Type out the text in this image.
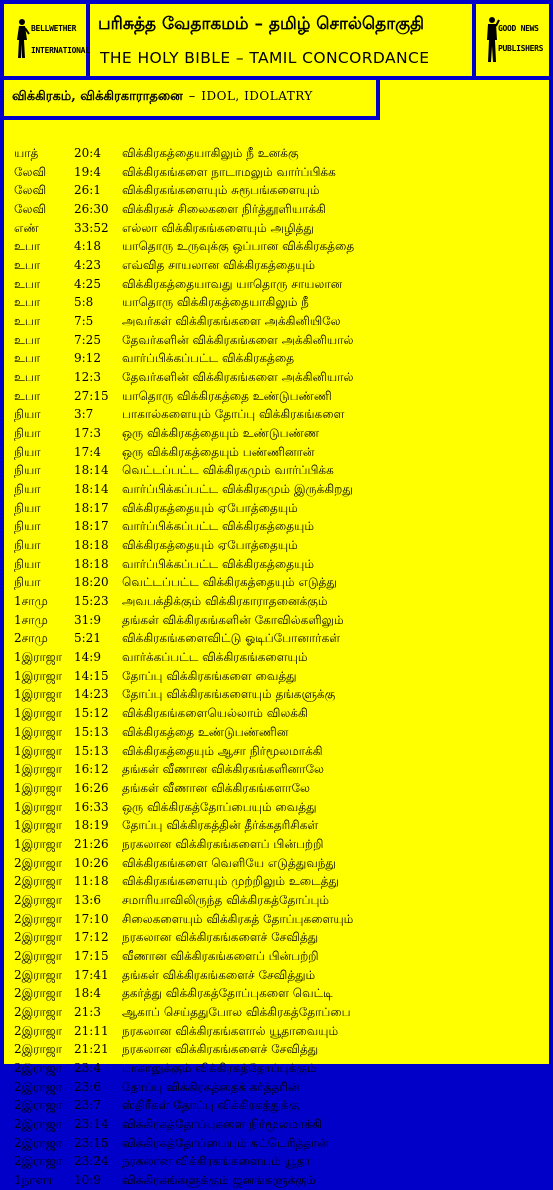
BELLWETHER
INTERNATIONAL
பரிசுத்த வேதாகமம் – தமிழ் சொல்தொகுதி
THE HOLY BIBLE – TAMIL CONCORDANCE
GOOD NEWS
PUBLISHERS
விக்கிரகம், விக்கிரகாராதனை – IDOL, IDOLATRY
யாத்	20:4	விக்கிரகத்தையாகிலும் நீ உனக்கு
லேவி	19:4	விக்கிரகங்களை நாடாமலும் வார்ப்பிக்க
லேவி	26:1	விக்கிரகங்களையும் சுரூபங்களையும்
லேவி	26:30	விக்கிரகச் சிலைகளை நிர்த்தூளியாக்கி
எண்	33:52	எல்லா விக்கிரகங்களையும் அழித்து
உபா	4:18	யாதொரு உருவுக்கு ஒப்பான விக்கிரகத்தை
உபா	4:23	எவ்வித சாயலான விக்கிரகத்தையும்
உபா	4:25	விக்கிரகத்தையாவது யாதொரு சாயலான
உபா	5:8	யாதொரு விக்கிரகத்தையாகிலும் நீ
உபா	7:5	அவர்கள் விக்கிரகங்களை அக்கினியிலே
உபா	7:25	தேவர்களின் விக்கிரகங்களை அக்கினியால்
உபா	9:12	வார்ப்பிக்கப்பட்ட விக்கிரகத்தை
உபா	12:3	தேவர்களின் விக்கிரகங்களை அக்கினியால்
உபா	27:15	யாதொரு விக்கிரகத்தை உண்டுபண்ணி
நியா	3:7	பாகால்களையும் தோப்பு விக்கிரகங்களை
நியா	17:3	ஒரு விக்கிரகத்தையும் உண்டுபண்ண
நியா	17:4	ஒரு விக்கிரகத்தையும் பண்ணினான்
நியா	18:14	வெட்டப்பட்ட விக்கிரகமும் வார்ப்பிக்க
நியா	18:14	வார்ப்பிக்கப்பட்ட விக்கிரகமும் இருக்கிறது
நியா	18:17	விக்கிரகத்தையும் ஏபோத்தையும்
நியா	18:17	வார்ப்பிக்கப்பட்ட விக்கிரகத்தையும்
நியா	18:18	விக்கிரகத்தையும் ஏபோத்தையும்
நியா	18:18	வார்ப்பிக்கப்பட்ட விக்கிரகத்தையும்
நியா	18:20	வெட்டப்பட்ட விக்கிரகத்தையும் எடுத்து
1சாமு	15:23	அவபக்திக்கும் விக்கிரகாராதனைக்கும்
1சாமு	31:9	தங்கள் விக்கிரகங்களின் கோவில்களிலும்
2சாமு	5:21	விக்கிரகங்களைவிட்டு ஓடிப்போனார்கள்
1இராஜா 14:9	வார்க்கப்பட்ட விக்கிரகங்களையும்
1இராஜா 14:15	தோப்பு விக்கிரகங்களை வைத்து
1இராஜா 14:23	தோப்பு விக்கிரகங்களையும் தங்களுக்கு
1இராஜா 15:12	விக்கிரகங்களையெல்லாம் விலக்கி
1இராஜா 15:13	விக்கிரகத்தை உண்டுபண்ணின
1இராஜா 15:13	விக்கிரகத்தையும் ஆசா நிர்மூலமாக்கி
1இராஜா 16:12	தங்கள் வீணான விக்கிரகங்களினாலே
1இராஜா 16:26	தங்கள் வீணான விக்கிரகங்களாலே
1இராஜா 16:33	ஒரு விக்கிரகத்தோப்பையும் வைத்து
1இராஜா 18:19	தோப்பு விக்கிரகத்தின் தீர்க்கதரிசிகள்
1இராஜா 21:26	நரகலான விக்கிரகங்களைப் பின்பற்றி
2இராஜா 10:26	விக்கிரகங்களை வெளியே எடுத்துவந்து
2இராஜா 11:18	விக்கிரகங்களையும் முற்றிலும் உடைத்து
2இராஜா 13:6	சமாரியாவிலிருந்த விக்கிரகத்தோப்பும்
2இராஜா 17:10	சிலைகளையும் விக்கிரகத் தோப்புகளையும்
2இராஜா 17:12	நரகலான விக்கிரகங்களைச் சேவித்து
2இராஜா 17:15	வீணான விக்கிரகங்களைப் பின்பற்றி
2இராஜா 17:41	தங்கள் விக்கிரகங்களைச் சேவித்தும்
2இராஜா 18:4	தகர்த்து விக்கிரகத்தோப்புகளை வெட்டி
2இராஜா 21:3	ஆகாப் செய்ததுபோல விக்கிரகத்தோப்பை
2இராஜா 21:11	நரகலான விக்கிரகங்களால் யூதாவையும்
2இராஜா 21:21	நரகலான விக்கிரகங்களைச் சேவித்து
2இராஜா 23:4	பாகாலுக்கும் விக்கிரகத்தோப்புக்கும்
2இராஜா 23:6	தோப்பு விக்கிரகத்தைக் கர்த்தரின்
2இராஜா 23:7	ஸ்திரீகள் தோப்பு விக்கிரகத்துக்கு
2இராஜா 23:14	விக்கிரகத்தோப்புகளை நிர்மூலமாக்கி
2இராஜா 23:15	விக்கிரகத்தோப்பையும் சுட்டெரித்தான்
2இராஜா 23:24	நரகலான விக்கிரகங்களையும் யூதா
1நாளா	10:9	விக்கிரகங்களுக்கும் ஜனங்களுக்கும்
